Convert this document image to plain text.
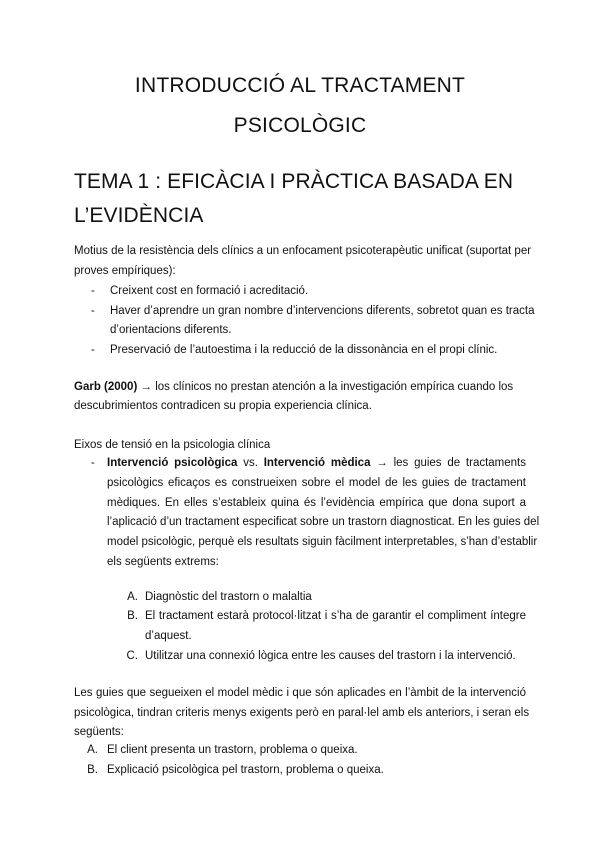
INTRODUCCIÓ AL TRACTAMENT
PSICOLÒGIC
TEMA 1 : EFICÀCIA I PRÀCTICA BASADA EN
L’EVIDÈNCIA
Motius de la resistència dels clínics a un enfocament psicoterapèutic unificat (suportat per
proves empíriques):
- Creixent cost en formació i acreditació.
- Haver d’aprendre un gran nombre d’intervencions diferents, sobretot quan es tracta
d’orientacions diferents.
- Preservació de l’autoestima i la reducció de la dissonància en el propi clínic.
Garb (2000) → los clínicos no prestan atención a la investigación empírica cuando los
descubrimientos contradicen su propia experiencia clínica.
Eixos de tensió en la psicologia clínica
- Intervenció psicològica vs. Intervenció mèdica → les guies de tractaments
psicològics eficaços es construeixen sobre el model de les guies de tractament
mèdiques. En elles s’estableix quina és l’evidència empírica que dona suport a
l’aplicació d’un tractament especificat sobre un trastorn diagnosticat. En les guies del
model psicològic, perquè els resultats siguin fàcilment interpretables, s’han d’establir
els següents extrems:
A. Diagnòstic del trastorn o malaltia
B. El tractament estarà protocol·litzat i s’ha de garantir el compliment íntegre
d’aquest.
C. Utilitzar una connexió lògica entre les causes del trastorn i la intervenció.
Les guies que segueixen el model mèdic i que són aplicades en l’àmbit de la intervenció
psicològica, tindran criteris menys exigents però en paral·lel amb els anteriors, i seran els
següents:
A. El client presenta un trastorn, problema o queixa.
B. Explicació psicològica pel trastorn, problema o queixa.
